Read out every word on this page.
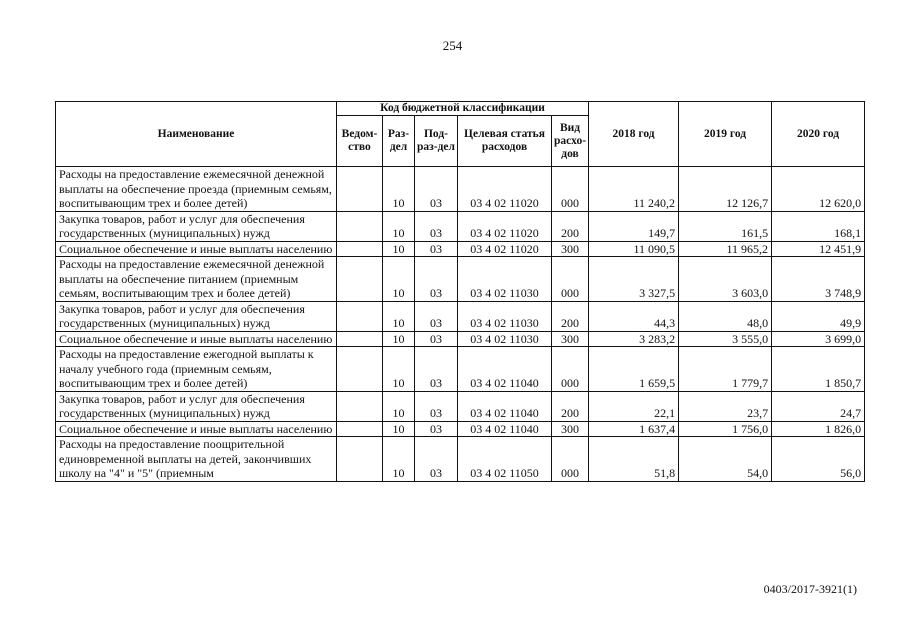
254
Наименование	Код бюджетной классификации					2018 год	2019 год	2020 год
	Ведом-ство	Раз-дел	Под-раз-дел	Целевая статья расходов	Вид расхо-дов			
Расходы на предоставление ежемесячной денежной выплаты на обеспечение проезда (приемным семьям, воспитывающим трех и более детей)		10	03	03 4 02 11020	000	11 240,2	12 126,7	12 620,0
Закупка товаров, работ и услуг для обеспечения государственных (муниципальных) нужд		10	03	03 4 02 11020	200	149,7	161,5	168,1
Социальное обеспечение и иные выплаты населению		10	03	03 4 02 11020	300	11 090,5	11 965,2	12 451,9
Расходы на предоставление ежемесячной денежной выплаты на обеспечение питанием (приемным семьям, воспитывающим трех и более детей)		10	03	03 4 02 11030	000	3 327,5	3 603,0	3 748,9
Закупка товаров, работ и услуг для обеспечения государственных (муниципальных) нужд		10	03	03 4 02 11030	200	44,3	48,0	49,9
Социальное обеспечение и иные выплаты населению		10	03	03 4 02 11030	300	3 283,2	3 555,0	3 699,0
Расходы на предоставление ежегодной выплаты к началу учебного года (приемным семьям, воспитывающим трех и более детей)		10	03	03 4 02 11040	000	1 659,5	1 779,7	1 850,7
Закупка товаров, работ и услуг для обеспечения государственных (муниципальных) нужд		10	03	03 4 02 11040	200	22,1	23,7	24,7
Социальное обеспечение и иные выплаты населению		10	03	03 4 02 11040	300	1 637,4	1 756,0	1 826,0
Расходы на предоставление поощрительной единовременной выплаты на детей, закончивших школу на "4" и "5" (приемным		10	03	03 4 02 11050	000	51,8	54,0	56,0
0403/2017-3921(1)
